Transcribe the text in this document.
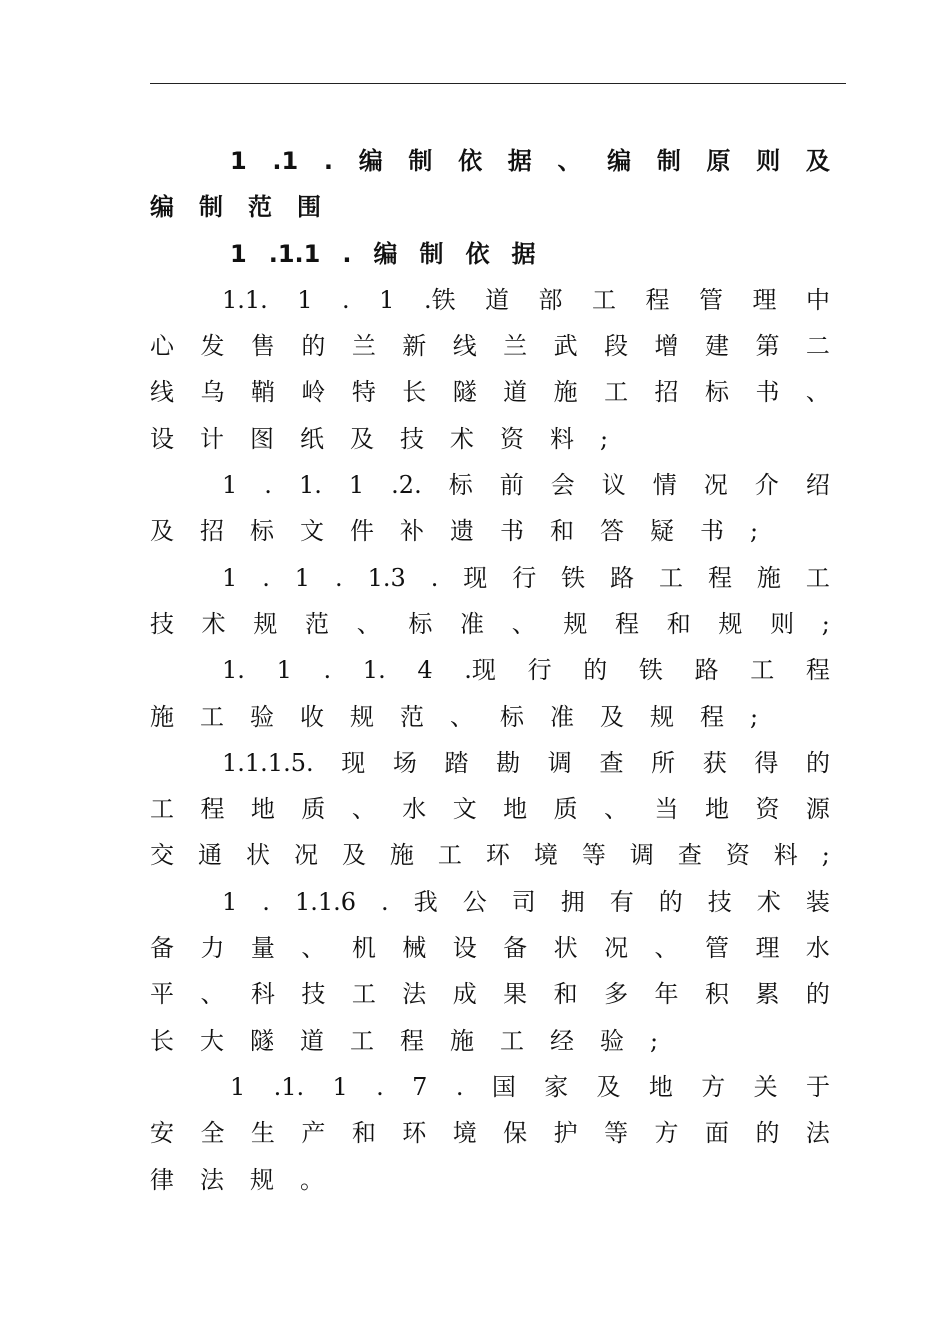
1 .1 . 编 制 依 据 、 编 制 原 则 及
编 制 范 围
1 .1.1 . 编 制 依 据
1.1. 1 . 1 .铁 道 部 工 程 管 理 中
心 发 售 的 兰 新 线 兰 武 段 增 建 第 二
线 乌 鞘 岭 特 长 隧 道 施 工 招 标 书 、
设 计 图 纸 及 技 术 资 料 ;
1 . 1. 1 .2. 标 前 会 议 情 况 介 绍
及 招 标 文 件 补 遗 书 和 答 疑 书 ;
1 . 1 . 1.3 . 现 行 铁 路 工 程 施 工
技 术 规 范 、 标 准 、 规 程 和 规 则 ;
1. 1 . 1. 4 .现 行 的 铁 路 工 程
施 工 验 收 规 范 、 标 准 及 规 程 ;
1.1.1.5. 现 场 踏 勘 调 查 所 获 得 的
工 程 地 质 、 水 文 地 质 、 当 地 资 源
交 通 状 况 及 施 工 环 境 等 调 查 资 料 ;
1 . 1.1.6 . 我 公 司 拥 有 的 技 术 装
备 力 量 、 机 械 设 备 状 况 、 管 理 水
平 、 科 技 工 法 成 果 和 多 年 积 累 的
长 大 隧 道 工 程 施 工 经 验 ;
1 .1. 1 . 7 . 国 家 及 地 方 关 于
安 全 生 产 和 环 境 保 护 等 方 面 的 法
律 法 规 。
